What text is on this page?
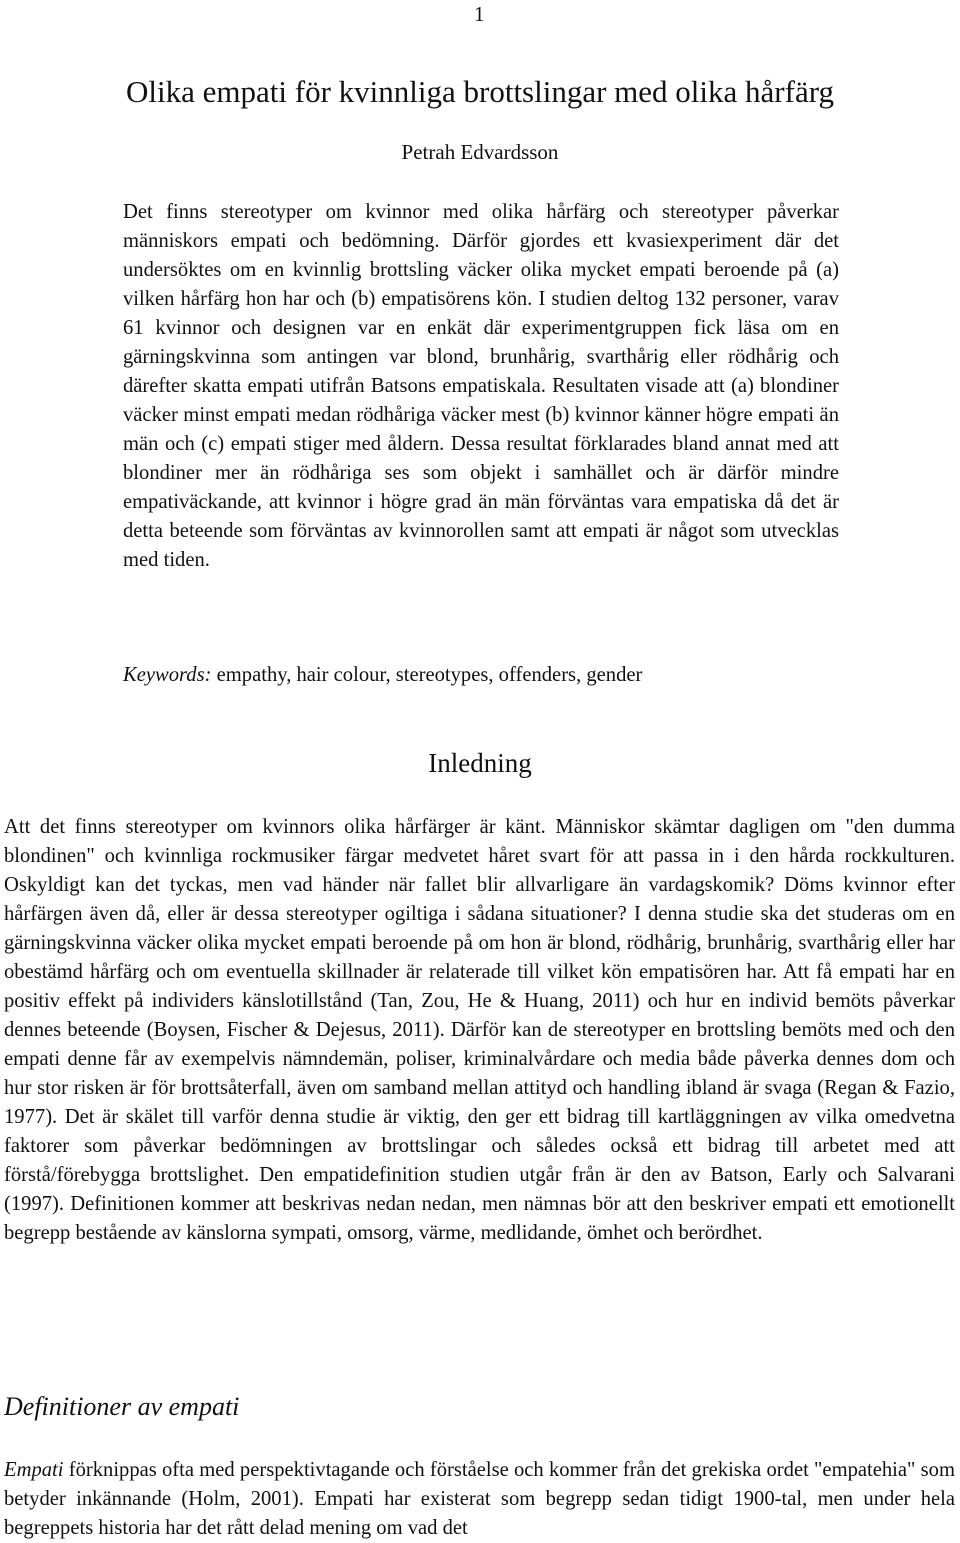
1
Olika empati för kvinnliga brottslingar med olika hårfärg
Petrah Edvardsson

Det finns stereotyper om kvinnor med olika hårfärg och stereotyper påverkar människors empati och bedömning. Därför gjordes ett kvasiexperiment där det undersöktes om en kvinnlig brottsling väcker olika mycket empati beroende på (a) vilken hårfärg hon har och (b) empatisörens kön. I studien deltog 132 personer, varav 61 kvinnor och designen var en enkät där experimentgruppen fick läsa om en gärningskvinna som antingen var blond, brunhårig, svarthårig eller rödhårig och därefter skatta empati utifrån Batsons empatiskala. Resultaten visade att (a) blondiner väcker minst empati medan rödhåriga väcker mest (b) kvinnor känner högre empati än män och (c) empati stiger med åldern. Dessa resultat förklarades bland annat med att blondiner mer än rödhåriga ses som objekt i samhället och är därför mindre empativäckande, att kvinnor i högre grad än män förväntas vara empatiska då det är detta beteende som förväntas av kvinnorollen samt att empati är något som utvecklas med tiden.

Keywords: empathy, hair colour, stereotypes, offenders, gender
Inledning

Att det finns stereotyper om kvinnors olika hårfärger är känt. Människor skämtar dagligen om "den dumma blondinen" och kvinnliga rockmusiker färgar medvetet håret svart för att passa in i den hårda rockkulturen. Oskyldigt kan det tyckas, men vad händer när fallet blir allvarligare än vardagskomik? Döms kvinnor efter hårfärgen även då, eller är dessa stereotyper ogiltiga i sådana situationer? I denna studie ska det studeras om en gärningskvinna väcker olika mycket empati beroende på om hon är blond, rödhårig, brunhårig, svarthårig eller har obestämd hårfärg och om eventuella skillnader är relaterade till vilket kön empatisören har. Att få empati har en positiv effekt på individers känslotillstånd (Tan, Zou, He & Huang, 2011) och hur en individ bemöts påverkar dennes beteende (Boysen, Fischer & Dejesus, 2011). Därför kan de stereotyper en brottsling bemöts med och den empati denne får av exempelvis nämndemän, poliser, kriminalvårdare och media både påverka dennes dom och hur stor risken är för brottsåterfall, även om samband mellan attityd och handling ibland är svaga (Regan & Fazio, 1977). Det är skälet till varför denna studie är viktig, den ger ett bidrag till kartläggningen av vilka omedvetna faktorer som påverkar bedömningen av brottslingar och således också ett bidrag till arbetet med att förstå/förebygga brottslighet. Den empatidefinition studien utgår från är den av Batson, Early och Salvarani (1997). Definitionen kommer att beskrivas nedan nedan, men nämnas bör att den beskriver empati ett emotionellt begrepp bestående av känslorna sympati, omsorg, värme, medlidande, ömhet och berördhet.

Definitioner av empati

Empati förknippas ofta med perspektivtagande och förståelse och kommer från det grekiska ordet "empatehia" som betyder inkännande (Holm, 2001). Empati har existerat som begrepp sedan tidigt 1900-tal, men under hela begreppets historia har det rått delad mening om vad det
